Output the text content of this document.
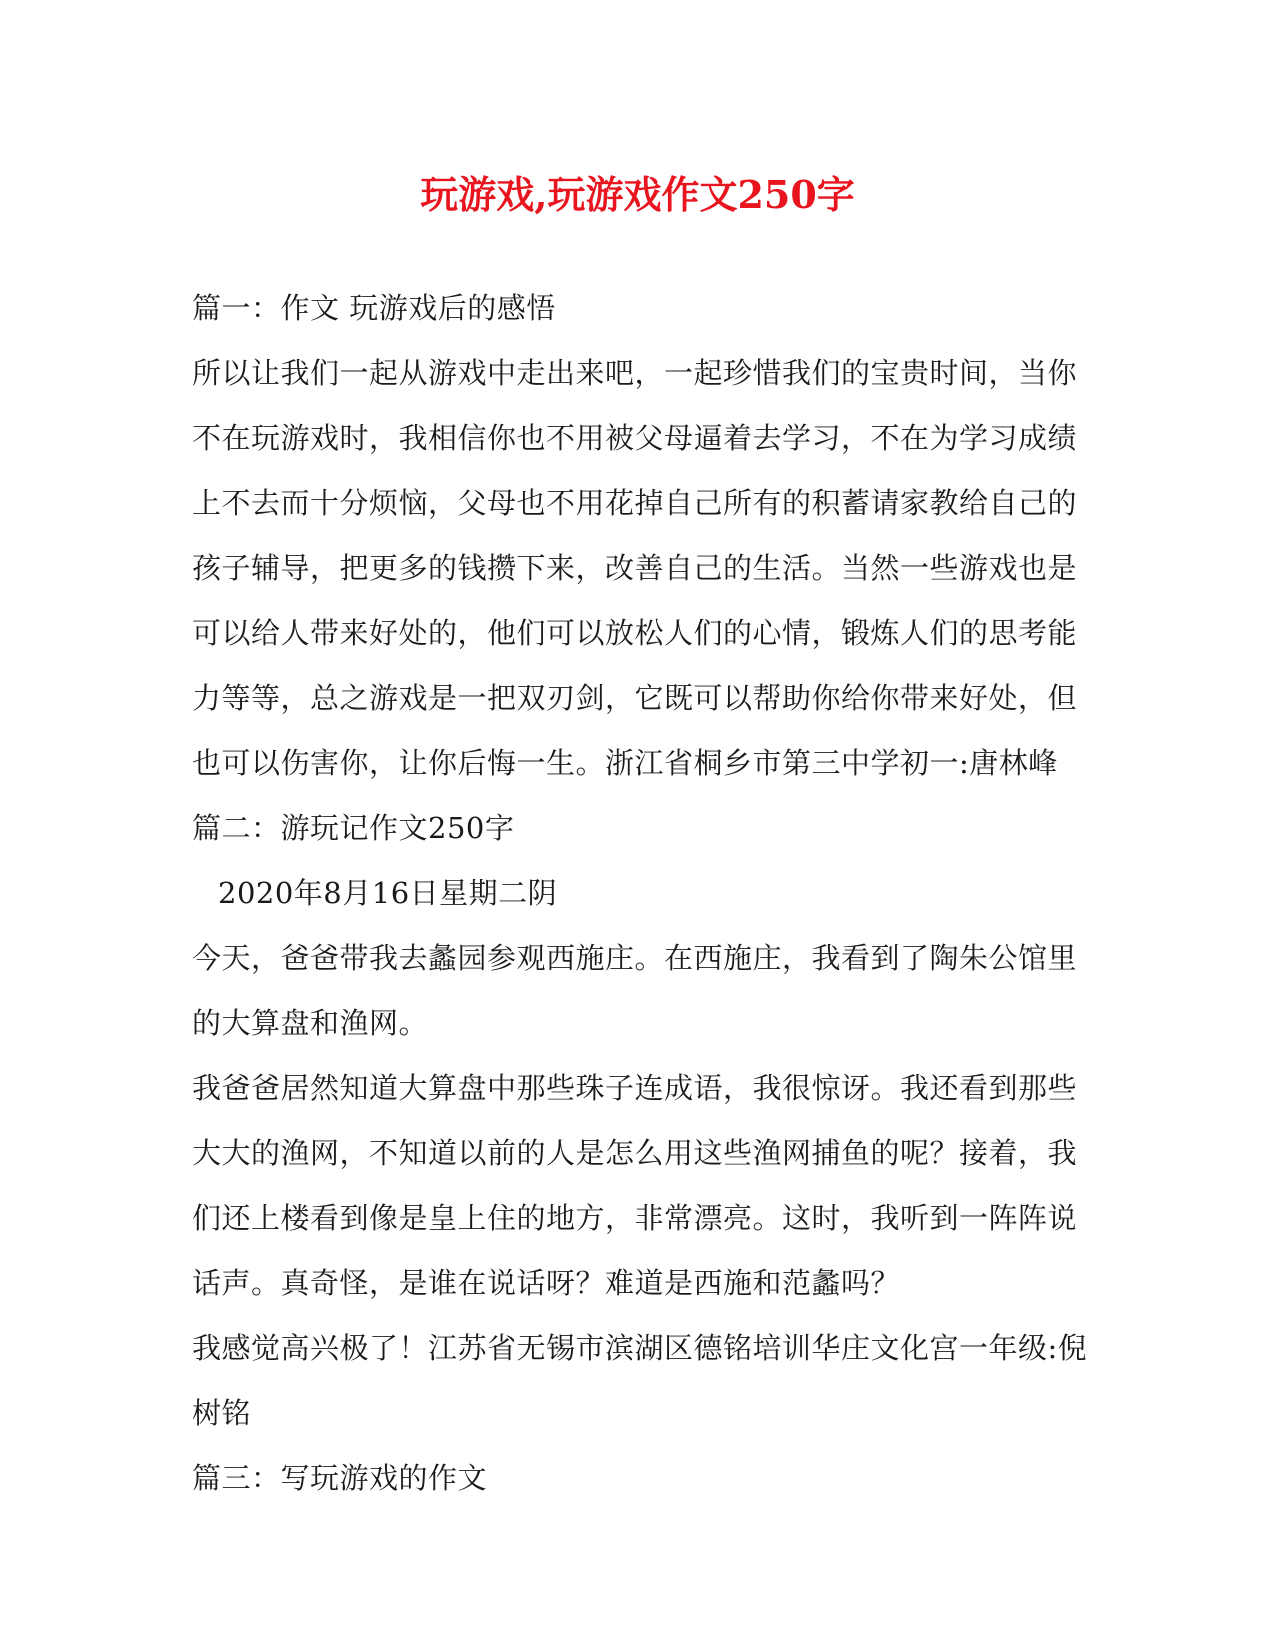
玩游戏,玩游戏作文250字

篇一：作文 玩游戏后的感悟

所以让我们一起从游戏中走出来吧，一起珍惜我们的宝贵时间，当你

不在玩游戏时，我相信你也不用被父母逼着去学习，不在为学习成绩

上不去而十分烦恼，父母也不用花掉自己所有的积蓄请家教给自己的

孩子辅导，把更多的钱攒下来，改善自己的生活。当然一些游戏也是

可以给人带来好处的，他们可以放松人们的心情，锻炼人们的思考能

力等等，总之游戏是一把双刃剑，它既可以帮助你给你带来好处，但

也可以伤害你，让你后悔一生。浙江省桐乡市第三中学初一:唐林峰

篇二：游玩记作文250字

2020年8月16日星期二阴

今天，爸爸带我去蠡园参观西施庄。在西施庄，我看到了陶朱公馆里

的大算盘和渔网。

我爸爸居然知道大算盘中那些珠子连成语，我很惊讶。我还看到那些

大大的渔网，不知道以前的人是怎么用这些渔网捕鱼的呢？接着，我

们还上楼看到像是皇上住的地方，非常漂亮。这时，我听到一阵阵说

话声。真奇怪，是谁在说话呀？难道是西施和范蠡吗？

我感觉高兴极了！江苏省无锡市滨湖区德铭培训华庄文化宫一年级:倪

树铭

篇三：写玩游戏的作文
